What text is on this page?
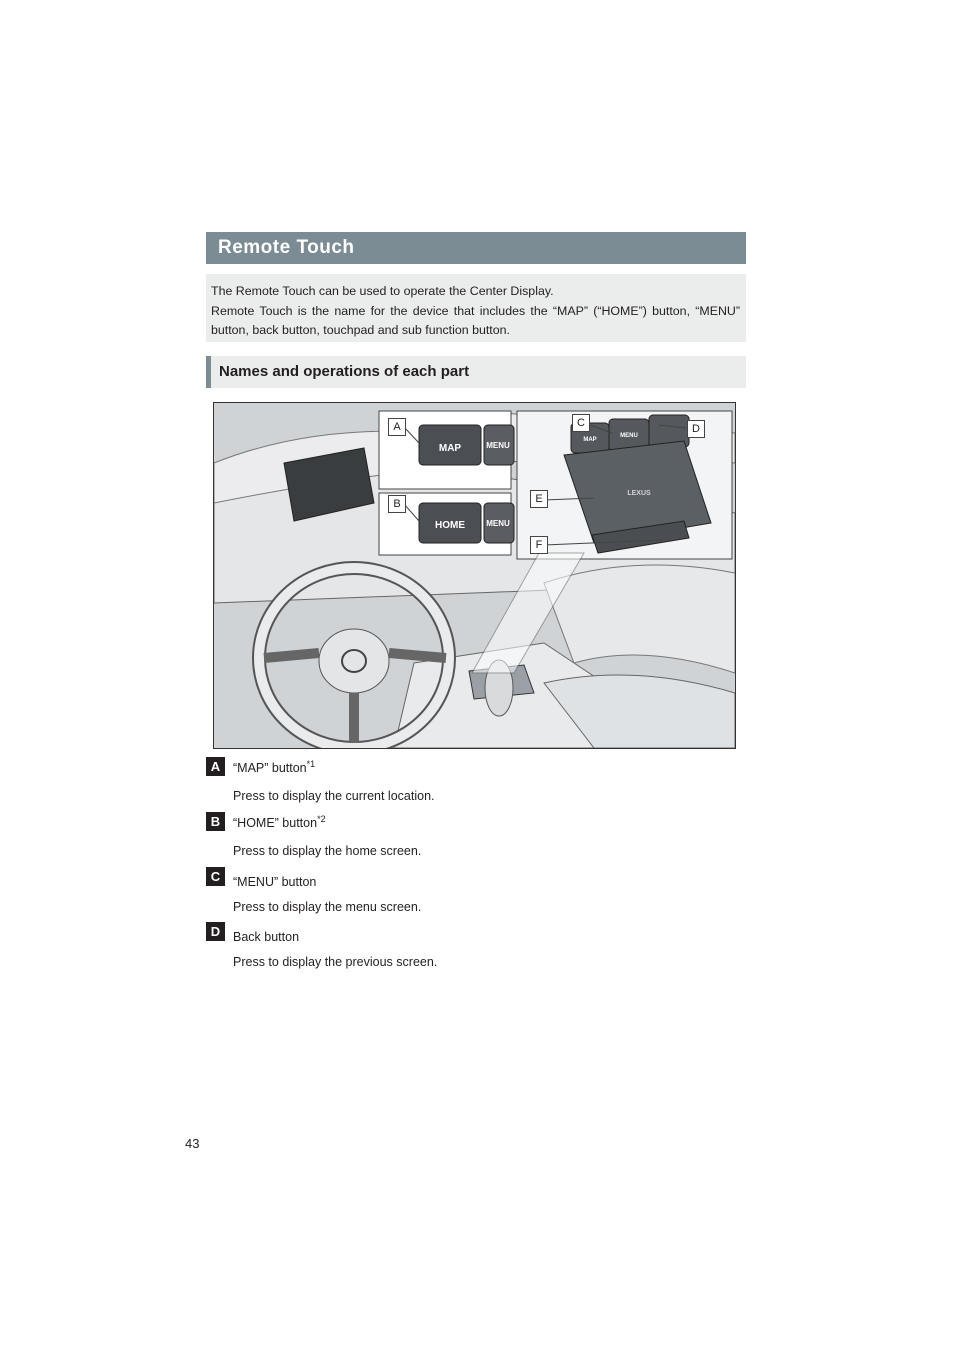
Remote Touch

The Remote Touch can be used to operate the Center Display.

Remote Touch is the name for the device that includes the “MAP” (“HOME”) button, “MENU” button, back button, touchpad and sub function button.

Names and operations of each part
MAP	MENU
HOME	MENU
MAP
MENU
LEXUS
A
B
C	D
E
F
A	“MAP” button$^{*1}$
Press to display the current location.
B	“HOME” button$^{*2}$
Press to display the home screen.
C	“MENU” button
Press to display the menu screen.
D	Back button
Press to display the previous screen.
43
